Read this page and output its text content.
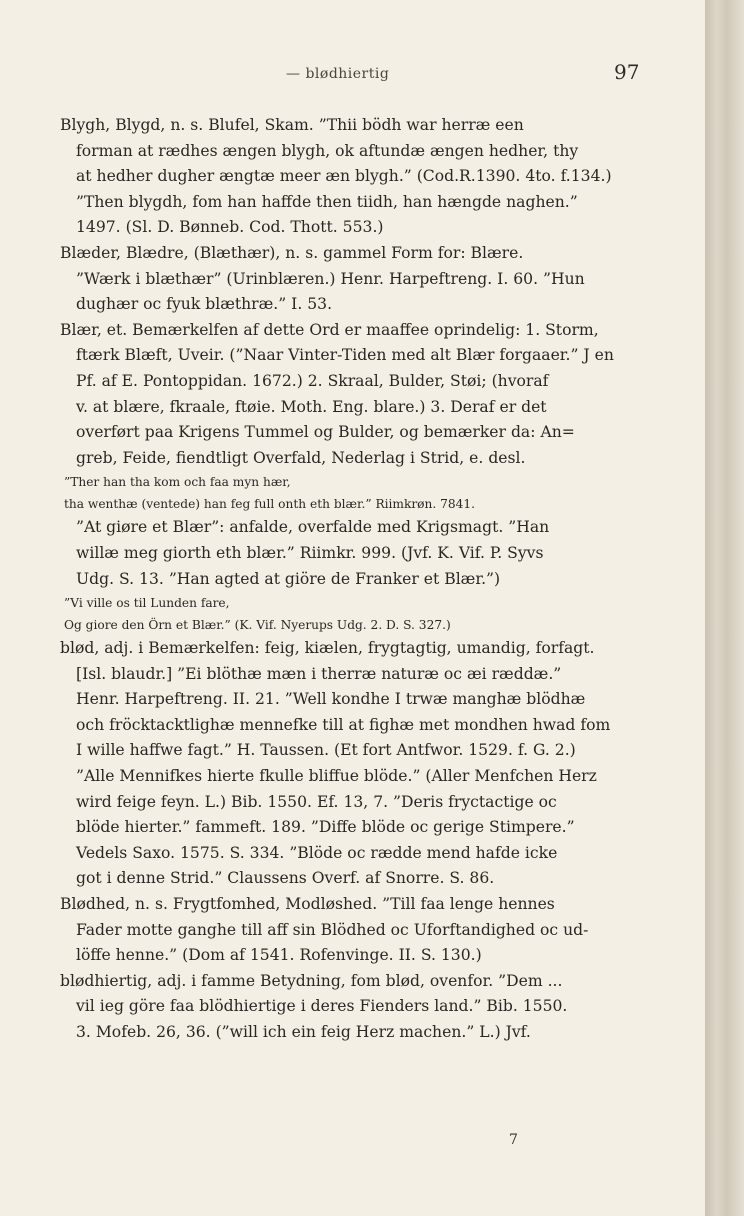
— blødhiertig	97
Blygh, Blygd, n. s. Blufel, Skam. ”Thii bödh war herræ een
forman at rædhes ængen blygh, ok aftundæ ængen hedher, thy
at hedher dugher ængtæ meer æn blygh.” (Cod.R.1390. 4to. f.134.)
”Then blygdh, fom han haffde then tiidh, han hængde naghen.”
1497. (Sl. D. Bønneb. Cod. Thott. 553.)
Blæder, Blædre, (Blæthær), n. s. gammel Form for: Blære.
”Wærk i blæthær” (Urinblæren.) Henr. Harpeftreng. I. 60. ”Hun
dughær oc fyuk blæthræ.” I. 53.
Blær, et. Bemærkelfen af dette Ord er maaffee oprindelig: 1. Storm,
ftærk Blæft, Uveir. (”Naar Vinter-Tiden med alt Blær forgaaer.” J en
Pf. af E. Pontoppidan. 1672.) 2. Skraal, Bulder, Støi; (hvoraf
v. at blære, fkraale, ftøie. Moth. Eng. blare.) 3. Deraf er det
overført paa Krigens Tummel og Bulder, og bemærker da: An=
greb, Feide, fiendtligt Overfald, Nederlag i Strid, e. desl.
”Ther han tha kom och faa myn hær,
tha wenthæ (ventede) han feg full onth eth blær.” Riimkrøn. 7841.
”At giøre et Blær”: anfalde, overfalde med Krigsmagt. ”Han
willæ meg giorth eth blær.” Riimkr. 999. (Jvf. K. Vif. P. Syvs
Udg. S. 13. ”Han agted at giöre de Franker et Blær.”)
”Vi ville os til Lunden fare,
Og giore den Örn et Blær.” (K. Vif. Nyerups Udg. 2. D. S. 327.)
blød, adj. i Bemærkelfen: feig, kiælen, frygtagtig, umandig, forfagt.
[Isl. blaudr.] ”Ei blöthæ mæn i therræ naturæ oc æi ræddæ.”
Henr. Harpeftreng. II. 21. ”Well kondhe I trwæ manghæ blödhæ
och fröcktacktlighæ mennefke till at fighæ met mondhen hwad fom
I wille haffwe fagt.” H. Taussen. (Et fort Antfwor. 1529. f. G. 2.)
”Alle Mennifkes hierte fkulle bliffue blöde.” (Aller Menfchen Herz
wird feige feyn. L.) Bib. 1550. Ef. 13, 7. ”Deris fryctactige oc
blöde hierter.” fammeft. 189. ”Diffe blöde oc gerige Stimpere.”
Vedels Saxo. 1575. S. 334. ”Blöde oc rædde mend hafde icke
got i denne Strid.” Claussens Overf. af Snorre. S. 86.
Blødhed, n. s. Frygtfomhed, Modløshed. ”Till faa lenge hennes
Fader motte ganghe till aff sin Blödhed oc Uforftandighed oc ud-
löffe henne.” (Dom af 1541. Rofenvinge. II. S. 130.)
blødhiertig, adj. i famme Betydning, fom blød, ovenfor. ”Dem ...
vil ieg göre faa blödhiertige i deres Fienders land.” Bib. 1550.
3. Mofeb. 26, 36. (”will ich ein feig Herz machen.” L.) Jvf.
7
